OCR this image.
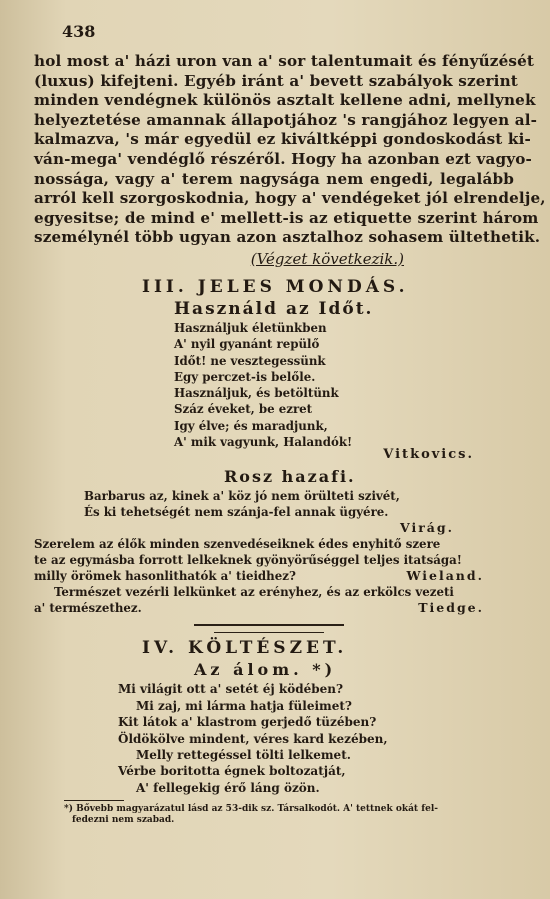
438
hol most a' házi uron van a' sor talentumait és fényűzését
(luxus) kifejteni. Egyéb iránt a' bevett szabályok szerint
minden vendégnek különös asztalt kellene adni, mellynek
helyeztetése amannak állapotjához 's rangjához legyen al-
kalmazva, 's már egyedül ez kiváltképpi gondoskodást ki-
ván-mega' vendéglő részéről. Hogy ha azonban ezt vagyo-
nossága, vagy a' terem nagysága nem engedi, legalább
arról kell szorgoskodnia, hogy a' vendégeket jól elrendelje,
egyesitse; de mind e' mellett-is az etiquette szerint három
személynél több ugyan azon asztalhoz sohasem ültethetik.
(Végzet következik.)
III. JELES MONDÁS.
Használd az Időt.
Használjuk életünkben
A' nyil gyanánt repülő
Időt! ne vesztegessünk
Egy perczet-is belőle.
Használjuk, és betöltünk
Száz éveket, be ezret
Igy élve; és maradjunk,
A' mik vagyunk, Halandók!
Vitkovics.
Rosz hazafi.
Barbarus az, kinek a' köz jó nem örülteti szivét,
És ki tehetségét nem szánja-fel annak ügyére.
Virág.
Szerelem az élők minden szenvedéseiknek édes enyhitő szere
te az egymásba forrott lelkeknek gyönyörűséggel teljes itatsága!
milly örömek hasonlithatók a' tieidhez?	Wieland.
Természet vezérli lelkünket az erényhez, és az erkölcs vezeti
a' természethez.	Tiedge.
IV. KÖLTÉSZET.
Az álom. *)
Mi világit ott a' setét éj ködében?
Mi zaj, mi lárma hatja füleimet?
Kit látok a' klastrom gerjedő tüzében?
Öldökölve mindent, véres kard kezében,
Melly rettegéssel tölti lelkemet.
Vérbe boritotta égnek boltozatját,
A' fellegekig érő láng özön.
*) Bővebb magyarázatul lásd az 53-dik sz. Társalkodót. A' tettnek okát fel-
fedezni nem szabad.
